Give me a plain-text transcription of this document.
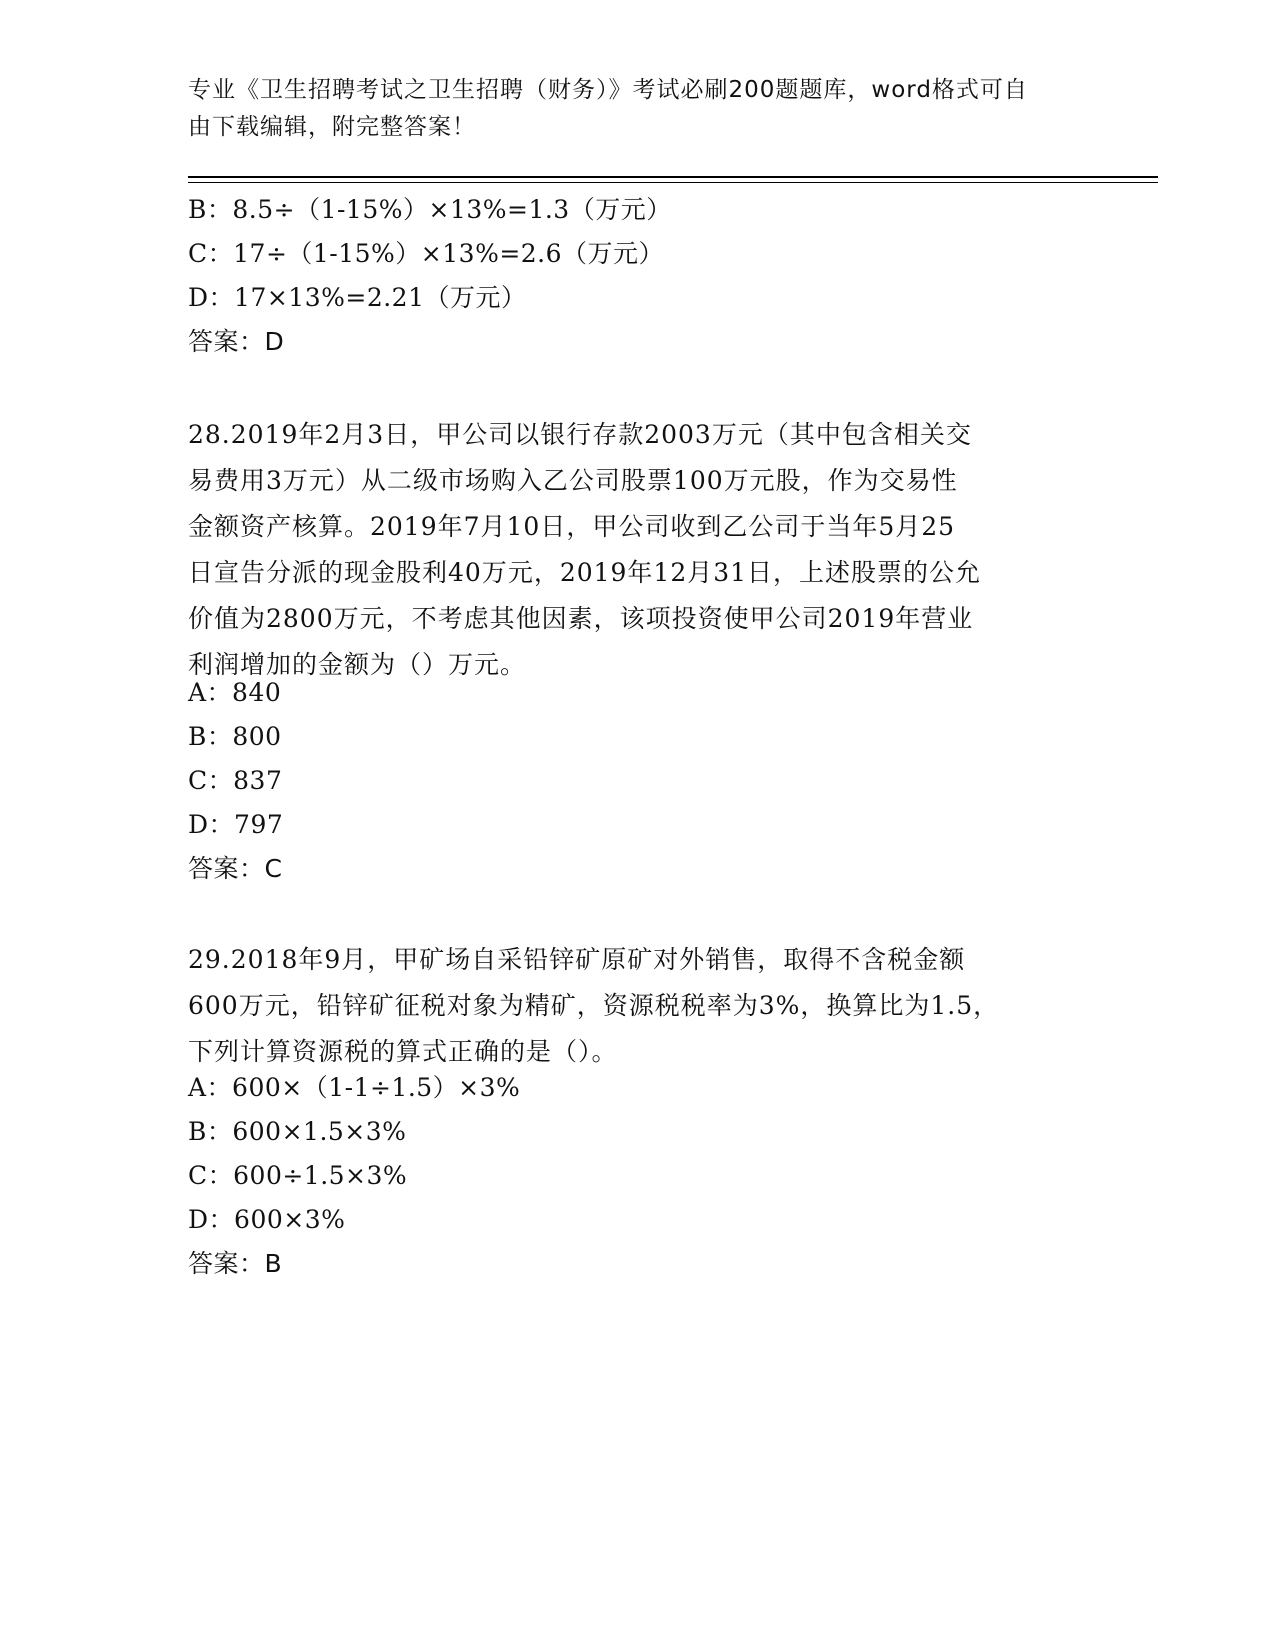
专业《卫生招聘考试之卫生招聘（财务）》考试必刷200题题库，word格式可自
由下载编辑，附完整答案！
B：8.5÷（1-15%）×13%=1.3（万元）
C：17÷（1-15%）×13%=2.6（万元）
D：17×13%=2.21（万元）
答案：D
28.2019年2月3日，甲公司以银行存款2003万元（其中包含相关交
易费用3万元）从二级市场购入乙公司股票100万元股，作为交易性
金额资产核算。2019年7月10日，甲公司收到乙公司于当年5月25
日宣告分派的现金股利40万元，2019年12月31日，上述股票的公允
价值为2800万元，不考虑其他因素，该项投资使甲公司2019年营业
利润增加的金额为（）万元。
A：840
B：800
C：837
D：797
答案：C
29.2018年9月，甲矿场自采铅锌矿原矿对外销售，取得不含税金额
600万元，铅锌矿征税对象为精矿，资源税税率为3%，换算比为1.5，
下列计算资源税的算式正确的是（）。
A：600×（1-1÷1.5）×3%
B：600×1.5×3%
C：600÷1.5×3%
D：600×3%
答案：B
